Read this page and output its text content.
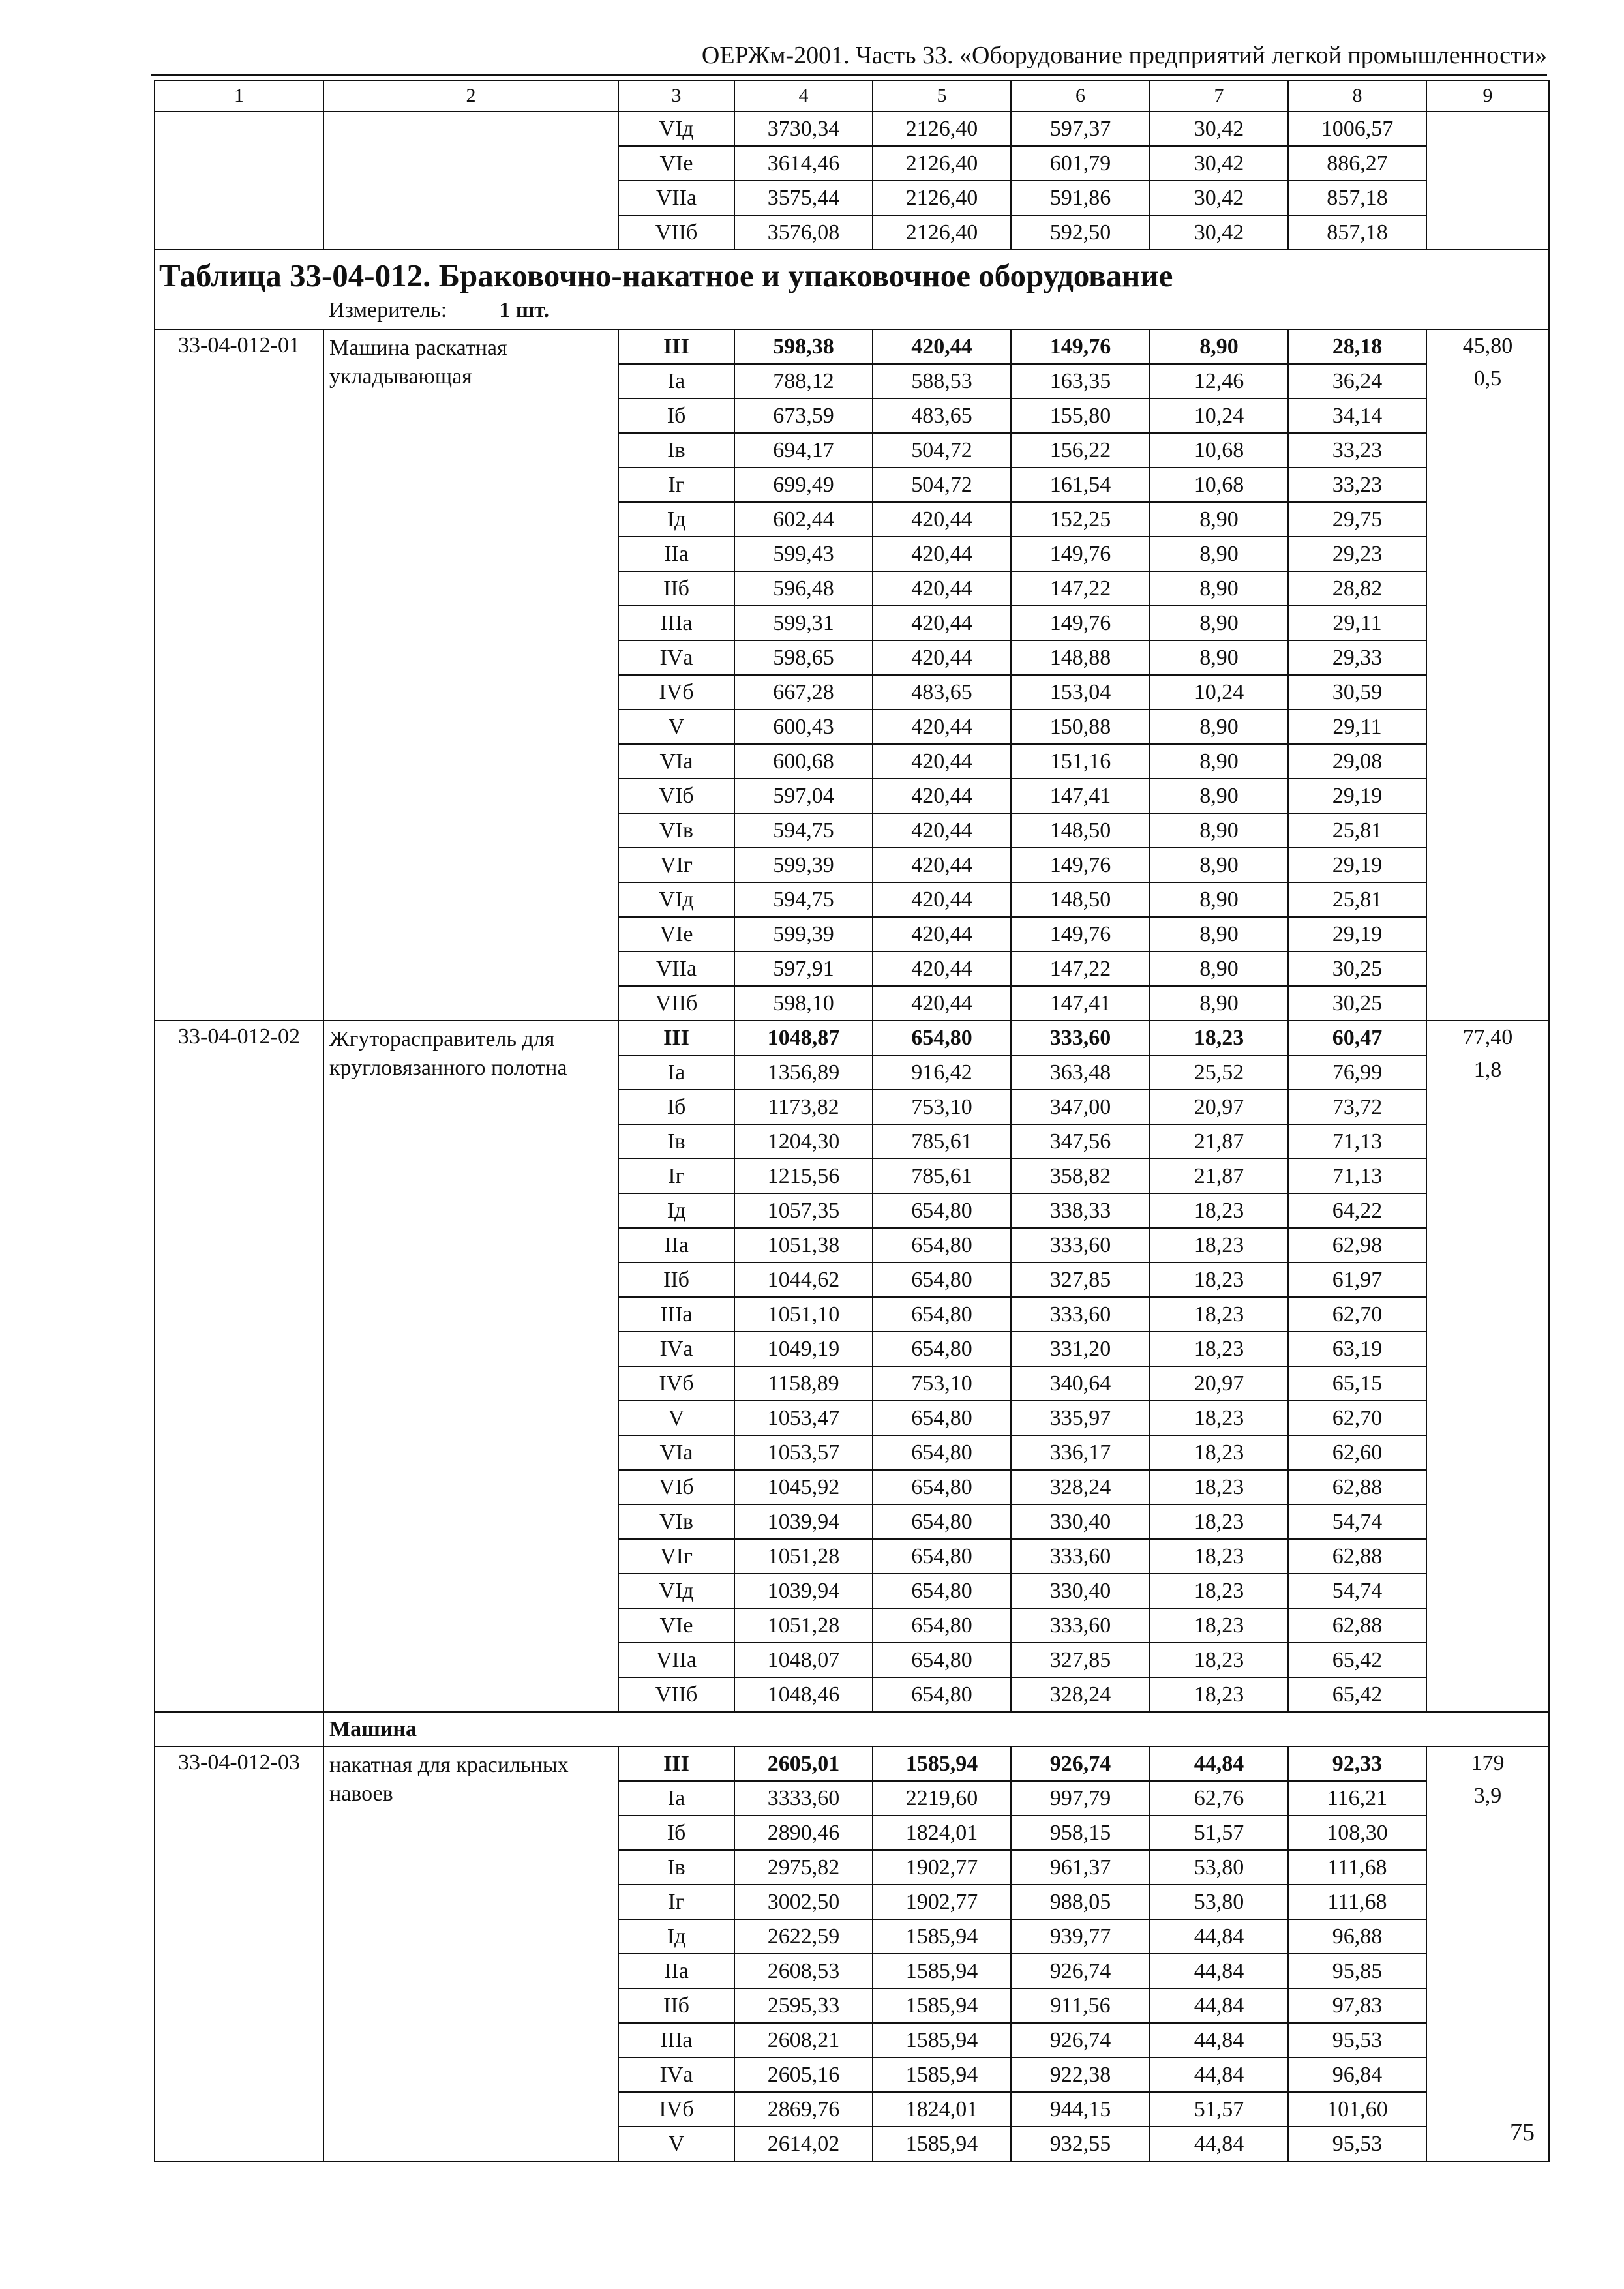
ОЕРЖм-2001. Часть 33. «Оборудование предприятий легкой промышленности»
1	2	3	4	5	6	7	8	9
		VIд	3730,34	2126,40	597,37	30,42	1006,57	
		VIе	3614,46	2126,40	601,79	30,42	886,27	
		VIIа	3575,44	2126,40	591,86	30,42	857,18	
		VIIб	3576,08	2126,40	592,50	30,42	857,18	

Таблица 33-04-012. Браковочно-накатное и упаковочное оборудование
Измеритель: 1 шт.								

33-04-012-01	Машина раскатная укладывающая	III	598,38	420,44	149,76	8,90	28,18	45,80
0,5

		Iа	788,12	588,53	163,35	12,46	36,24	
		Iб	673,59	483,65	155,80	10,24	34,14	
		Iв	694,17	504,72	156,22	10,68	33,23	
		Iг	699,49	504,72	161,54	10,68	33,23	
		Iд	602,44	420,44	152,25	8,90	29,75	
		IIа	599,43	420,44	149,76	8,90	29,23	
		IIб	596,48	420,44	147,22	8,90	28,82	
		IIIа	599,31	420,44	149,76	8,90	29,11	
		IVа	598,65	420,44	148,88	8,90	29,33	
		IVб	667,28	483,65	153,04	10,24	30,59	
		V	600,43	420,44	150,88	8,90	29,11	
		VIа	600,68	420,44	151,16	8,90	29,08	
		VIб	597,04	420,44	147,41	8,90	29,19	
		VIв	594,75	420,44	148,50	8,90	25,81	
		VIг	599,39	420,44	149,76	8,90	29,19	
		VIд	594,75	420,44	148,50	8,90	25,81	
		VIе	599,39	420,44	149,76	8,90	29,19	
		VIIа	597,91	420,44	147,22	8,90	30,25	
		VIIб	598,10	420,44	147,41	8,90	30,25	
33-04-012-02	Жгутораспрaвитель для кругловязанного полотна	III	1048,87	654,80	333,60	18,23	60,47	77,40
1,8

		Iа	1356,89	916,42	363,48	25,52	76,99	
		Iб	1173,82	753,10	347,00	20,97	73,72	
		Iв	1204,30	785,61	347,56	21,87	71,13	
		Iг	1215,56	785,61	358,82	21,87	71,13	
		Iд	1057,35	654,80	338,33	18,23	64,22	
		IIа	1051,38	654,80	333,60	18,23	62,98	
		IIб	1044,62	654,80	327,85	18,23	61,97	
		IIIа	1051,10	654,80	333,60	18,23	62,70	
		IVа	1049,19	654,80	331,20	18,23	63,19	
		IVб	1158,89	753,10	340,64	20,97	65,15	
		V	1053,47	654,80	335,97	18,23	62,70	
		VIа	1053,57	654,80	336,17	18,23	62,60	
		VIб	1045,92	654,80	328,24	18,23	62,88	
		VIв	1039,94	654,80	330,40	18,23	54,74	
		VIг	1051,28	654,80	333,60	18,23	62,88	
		VIд	1039,94	654,80	330,40	18,23	54,74	
		VIе	1051,28	654,80	333,60	18,23	62,88	
		VIIа	1048,07	654,80	327,85	18,23	65,42	
		VIIб	1048,46	654,80	328,24	18,23	65,42	
	Машина							
33-04-012-03	накатная для красильных навоев	III	2605,01	1585,94	926,74	44,84	92,33	179
3,9

		Iа	3333,60	2219,60	997,79	62,76	116,21	
		Iб	2890,46	1824,01	958,15	51,57	108,30	
		Iв	2975,82	1902,77	961,37	53,80	111,68	
		Iг	3002,50	1902,77	988,05	53,80	111,68	
		Iд	2622,59	1585,94	939,77	44,84	96,88	
		IIа	2608,53	1585,94	926,74	44,84	95,85	
		IIб	2595,33	1585,94	911,56	44,84	97,83	
		IIIа	2608,21	1585,94	926,74	44,84	95,53	
		IVа	2605,16	1585,94	922,38	44,84	96,84	
		IVб	2869,76	1824,01	944,15	51,57	101,60	
		V	2614,02	1585,94	932,55	44,84	95,53		75
